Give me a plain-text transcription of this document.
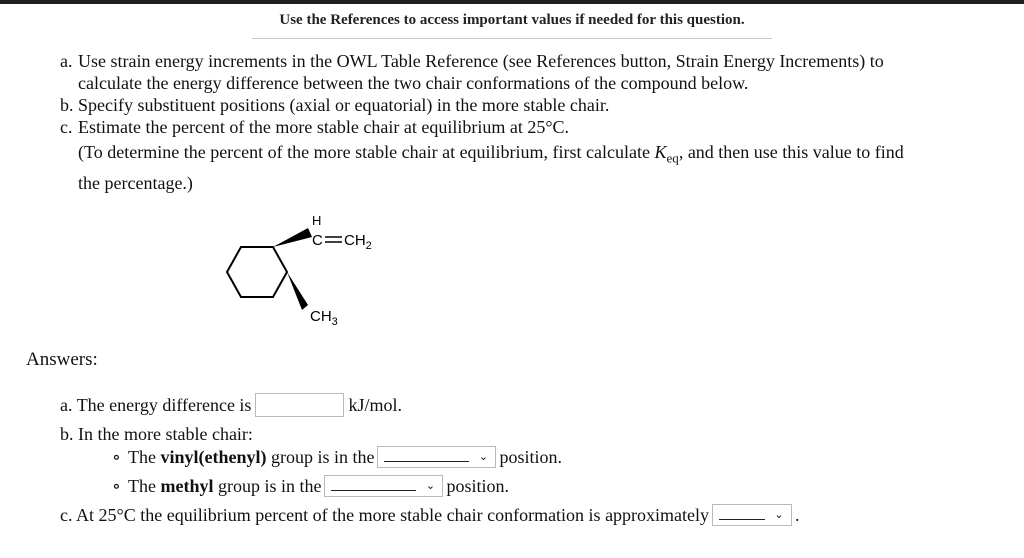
Use the References to access important values if needed for this question.
a. Use strain energy increments in the OWL Table Reference (see References button, Strain Energy Increments) to
calculate the energy difference between the two chair conformations of the compound below.
b. Specify substituent positions (axial or equatorial) in the more stable chair.
c. Estimate the percent of the more stable chair at equilibrium at 25°C.
(To determine the percent of the more stable chair at equilibrium, first calculate $K_{eq}$, and then use this value to find
the percentage.)
H
C $CH_2$
$CH_3$
Answers:
a. The energy difference is	kJ/mol.
b. In the more stable chair:
∘ The vinyl(ethenyl) group is in the	⌄ position.
∘ The methyl group is in the	⌄ position.
c. At 25°C the equilibrium percent of the more stable chair conformation is approximately	⌄ .
